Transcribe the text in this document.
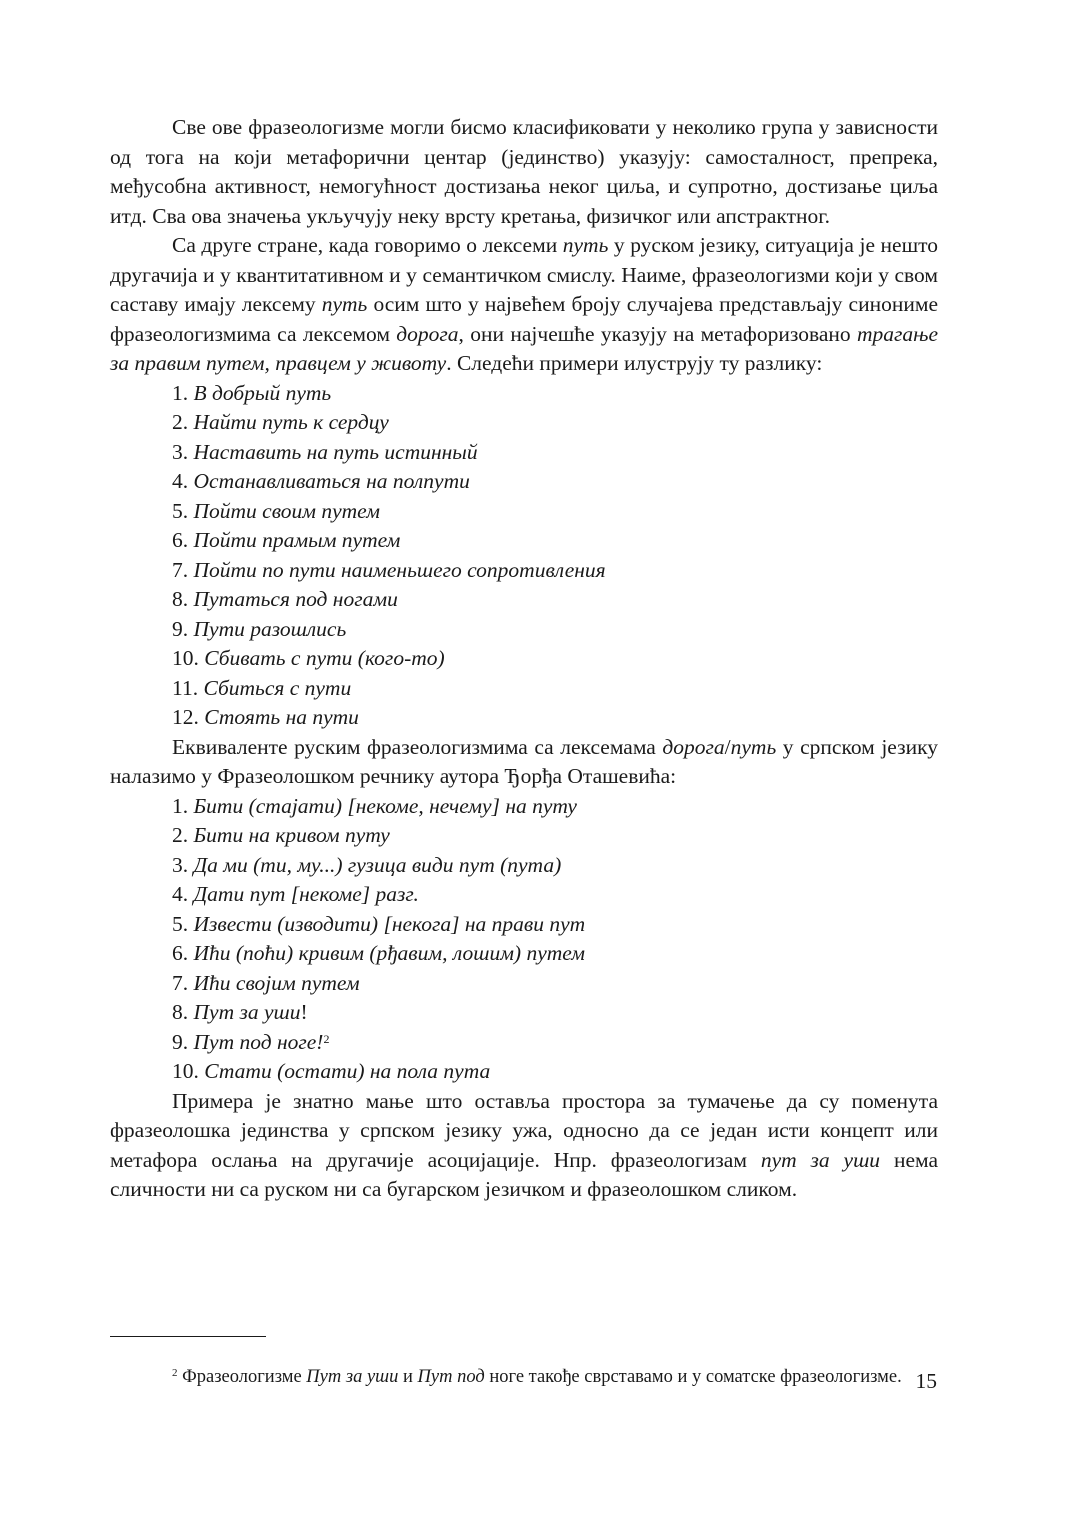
Све ове фразеологизме могли бисмо класификовати у неколико група у зависности од тога на који метафорични центар (јединство) указују: самосталност, препрека, међусобна активност, немогућност достизања неког циља, и супротно, достизање циља итд. Сва ова значења укључују неку врсту кретања, физичког или апстрактног.

Са друге стране, када говоримо о лексеми путь у руском језику, ситуација је нешто другачија и у квантитативном и у семантичком смислу. Наиме, фразеологизми који у свом саставу имају лексему путь осим што у највећем броју случајева представљају синониме фразеологизмима са лексемом дорога, они најчешће указују на метафоризовано трагање за правим путем, правцем у животу. Следећи примери илуструју ту разлику:

1. В добрый путь
2. Найти путь к сердцу
3. Наставить на путь истинный
4. Останавливаться на полпути
5. Пойти своим путем
6. Пойти прамым путем
7. Пойти по пути наименьшего сопротивления
8. Путаться под ногами
9. Пути разошлись
10. Сбивать с пути (кого-то)
11. Сбиться с пути
12. Стоять на пути

Еквиваленте руским фразеологизмима са лексемама дорога/путь у српском језику налазимо у Фразеолошком речнику аутора Ђорђа Оташевића:

1. Бити (стајати) [некоме, нечему] на путу
2. Бити на кривом путу
3. Да ми (ти, му...) гузица види пут (пута)
4. Дати пут [некоме] разг.
5. Извести (изводити) [некога] на прави пут
6. Ићи (поћи) кривим (рђавим, лошим) путем
7. Ићи својим путем
8. Пут за уши!
9. Пут под ноге!$^2$
10. Стати (остати) на пола пута

Примера је знатно мање што оставља простора за тумачење да су поменута фразеолошка јединства у српском језику ужа, односно да се један исти концепт или метафора ослања на другачије асоцијације. Нпр. фразеологизам пут за уши нема сличности ни са руском ни са бугарском језичком и фразеолошком сликом.

$^2$ Фразеологизме Пут за уши и Пут под ноге такође сврставамо и у соматске фразеологизме. 15
